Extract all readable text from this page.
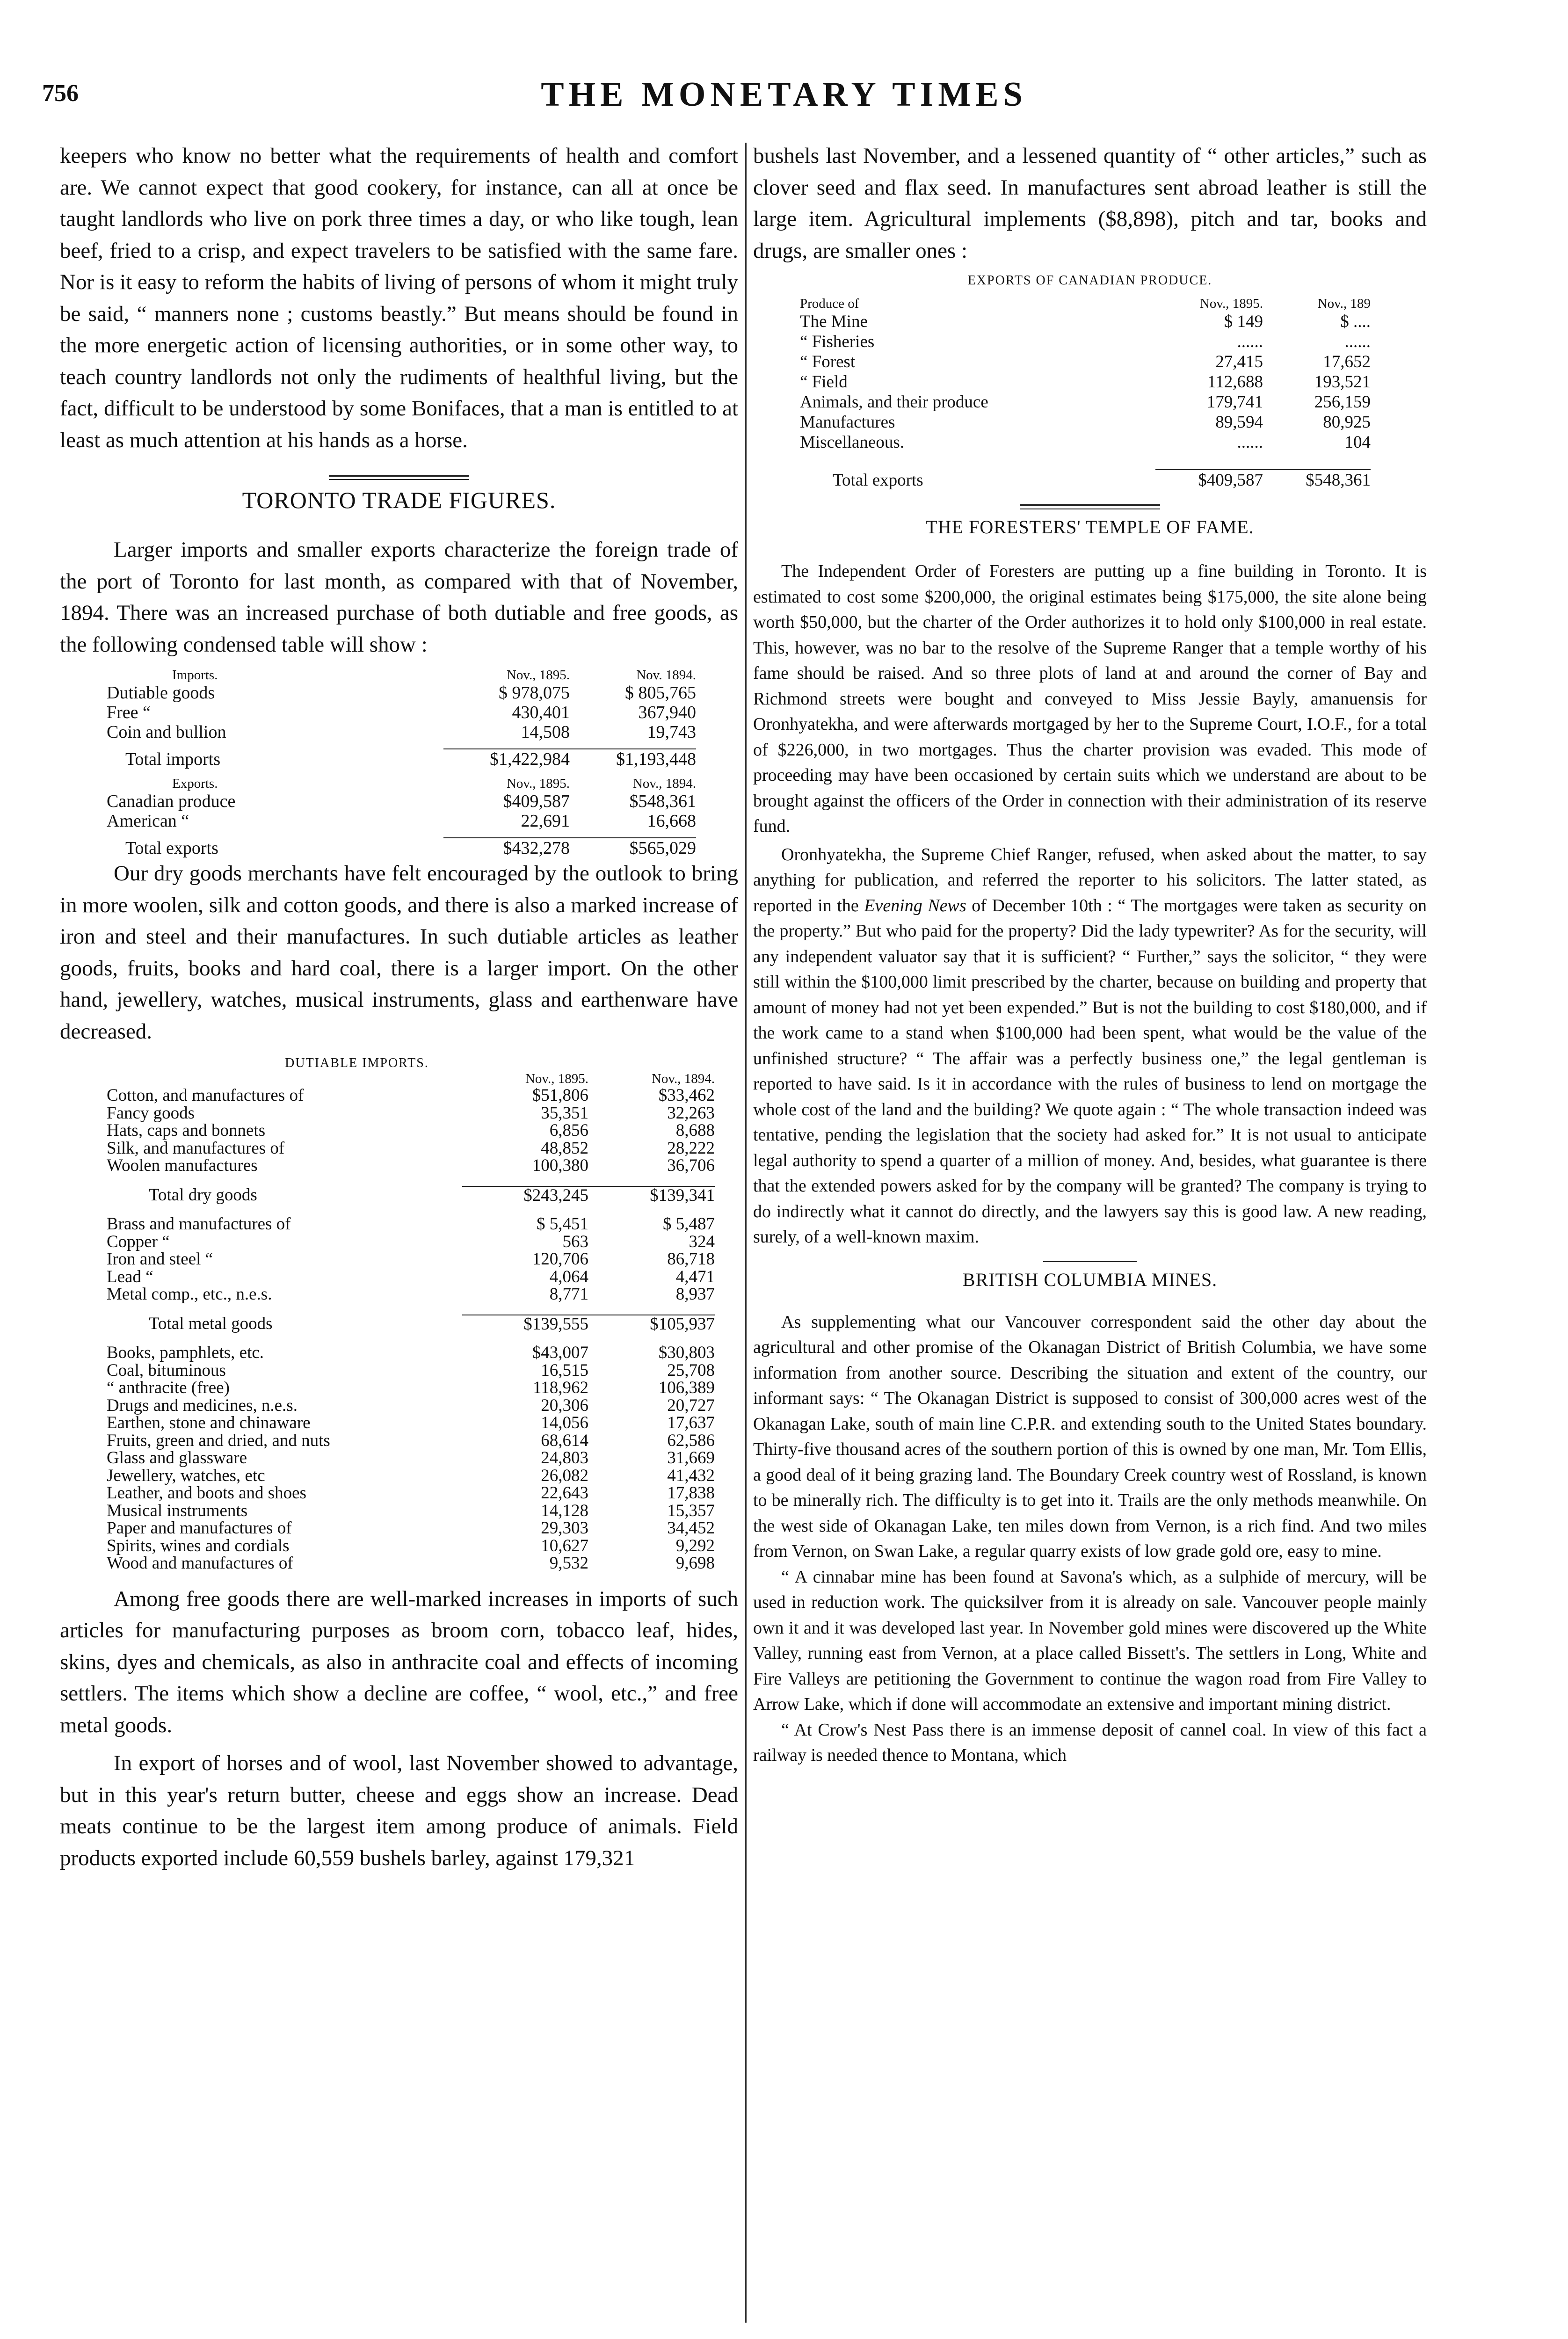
756	THE MONETARY TIMES

keepers who know no better what the requirements of health and comfort are. We cannot expect that good cookery, for instance, can all at once be taught landlords who live on pork three times a day, or who like tough, lean beef, fried to a crisp, and expect travelers to be satisfied with the same fare. Nor is it easy to reform the habits of living of persons of whom it might truly be said, “ manners none ; customs beastly.” But means should be found in the more energetic action of licensing authorities, or in some other way, to teach country landlords not only the rudiments of healthful living, but the fact, difficult to be understood by some Bonifaces, that a man is entitled to at least as much attention at his hands as a horse.

TORONTO TRADE FIGURES.

Larger imports and smaller exports characterize the foreign trade of the port of Toronto for last month, as compared with that of November, 1894. There was an increased purchase of both dutiable and free goods, as the following condensed table will show :

Imports.	Nov., 1895.	Nov. 1894.
Dutiable goods	$ 978,075	$ 805,765
Free “	430,401	367,940
Coin and bullion	14,508	19,743

Total imports	$1,422,984	$1,193,448

Exports.	Nov., 1895.	Nov., 1894.
Canadian produce	$409,587	$548,361
American “	22,691	16,668

Total exports	$432,278	$565,029

Our dry goods merchants have felt encouraged by the outlook to bring in more woolen, silk and cotton goods, and there is also a marked increase of iron and steel and their manufactures. In such dutiable articles as leather goods, fruits, books and hard coal, there is a larger import. On the other hand, jewellery, watches, musical instruments, glass and earthenware have decreased.

DUTIABLE IMPORTS.
	Nov., 1895.	Nov., 1894.
Cotton, and manufactures of	$51,806	$33,462
Fancy goods	35,351	32,263
Hats, caps and bonnets	6,856	8,688
Silk, and manufactures of	48,852	28,222
Woolen manufactures	100,380	36,706

Total dry goods	$243,245	$139,341

Brass and manufactures of	$ 5,451	$ 5,487
Copper “	563	324
Iron and steel “	120,706	86,718
Lead “	4,064	4,471
Metal comp., etc., n.e.s.	8,771	8,937

Total metal goods	$139,555	$105,937

Books, pamphlets, etc.	$43,007	$30,803
Coal, bituminous	16,515	25,708
“ anthracite (free)	118,962	106,389
Drugs and medicines, n.e.s.	20,306	20,727
Earthen, stone and chinaware	14,056	17,637
Fruits, green and dried, and nuts	68,614	62,586
Glass and glassware	24,803	31,669
Jewellery, watches, etc	26,082	41,432
Leather, and boots and shoes	22,643	17,838
Musical instruments	14,128	15,357
Paper and manufactures of	29,303	34,452
Spirits, wines and cordials	10,627	9,292
Wood and manufactures of	9,532	9,698

Among free goods there are well-marked increases in imports of such articles for manufacturing purposes as broom corn, tobacco leaf, hides, skins, dyes and chemicals, as also in anthracite coal and effects of incoming settlers. The items which show a decline are coffee, “ wool, etc.,” and free metal goods.

In export of horses and of wool, last November showed to advantage, but in this year's return butter, cheese and eggs show an increase. Dead meats continue to be the largest item among produce of animals. Field products exported include 60,559 bushels barley, against 179,321

bushels last November, and a lessened quantity of “ other articles,” such as clover seed and flax seed. In manufactures sent abroad leather is still the large item. Agricultural implements ($8,898), pitch and tar, books and drugs, are smaller ones :

EXPORTS OF CANADIAN PRODUCE.
Produce of	Nov., 1895.	Nov., 189
The Mine	$ 149	$ ....
“ Fisheries	......	......
“ Forest	27,415	17,652
“ Field	112,688	193,521
Animals, and their produce	179,741	256,159
Manufactures	89,594	80,925
Miscellaneous.	......	104

Total exports	$409,587	$548,361
THE FORESTERS' TEMPLE OF FAME.

The Independent Order of Foresters are putting up a fine building in Toronto. It is estimated to cost some $200,000, the original estimates being $175,000, the site alone being worth $50,000, but the charter of the Order authorizes it to hold only $100,000 in real estate. This, however, was no bar to the resolve of the Supreme Ranger that a temple worthy of his fame should be raised. And so three plots of land at and around the corner of Bay and Richmond streets were bought and conveyed to Miss Jessie Bayly, amanuensis for Oronhyatekha, and were afterwards mortgaged by her to the Supreme Court, I.O.F., for a total of $226,000, in two mortgages. Thus the charter provision was evaded. This mode of proceeding may have been occasioned by certain suits which we understand are about to be brought against the officers of the Order in connection with their administration of its reserve fund.

Oronhyatekha, the Supreme Chief Ranger, refused, when asked about the matter, to say anything for publication, and referred the reporter to his solicitors. The latter stated, as reported in the Evening News of December 10th : “ The mortgages were taken as security on the property.” But who paid for the property? Did the lady typewriter? As for the security, will any independent valuator say that it is sufficient? “ Further,” says the solicitor, “ they were still within the $100,000 limit prescribed by the charter, because on building and property that amount of money had not yet been expended.” But is not the building to cost $180,000, and if the work came to a stand when $100,000 had been spent, what would be the value of the unfinished structure? “ The affair was a perfectly business one,” the legal gentleman is reported to have said. Is it in accordance with the rules of business to lend on mortgage the whole cost of the land and the building? We quote again : “ The whole transaction indeed was tentative, pending the legislation that the society had asked for.” It is not usual to anticipate legal authority to spend a quarter of a million of money. And, besides, what guarantee is there that the extended powers asked for by the company will be granted? The company is trying to do indirectly what it cannot do directly, and the lawyers say this is good law. A new reading, surely, of a well-known maxim.

BRITISH COLUMBIA MINES.

As supplementing what our Vancouver correspondent said the other day about the agricultural and other promise of the Okanagan District of British Columbia, we have some information from another source. Describing the situation and extent of the country, our informant says: “ The Okanagan District is supposed to consist of 300,000 acres west of the Okanagan Lake, south of main line C.P.R. and extending south to the United States boundary. Thirty-five thousand acres of the southern portion of this is owned by one man, Mr. Tom Ellis, a good deal of it being grazing land. The Boundary Creek country west of Rossland, is known to be minerally rich. The difficulty is to get into it. Trails are the only methods meanwhile. On the west side of Okanagan Lake, ten miles down from Vernon, is a rich find. And two miles from Vernon, on Swan Lake, a regular quarry exists of low grade gold ore, easy to mine.

“ A cinnabar mine has been found at Savona's which, as a sulphide of mercury, will be used in reduction work. The quicksilver from it is already on sale. Vancouver people mainly own it and it was developed last year. In November gold mines were discovered up the White Valley, running east from Vernon, at a place called Bissett's. The settlers in Long, White and Fire Valleys are petitioning the Government to continue the wagon road from Fire Valley to Arrow Lake, which if done will accommodate an extensive and important mining district.

“ At Crow's Nest Pass there is an immense deposit of cannel coal. In view of this fact a railway is needed thence to Montana, which
